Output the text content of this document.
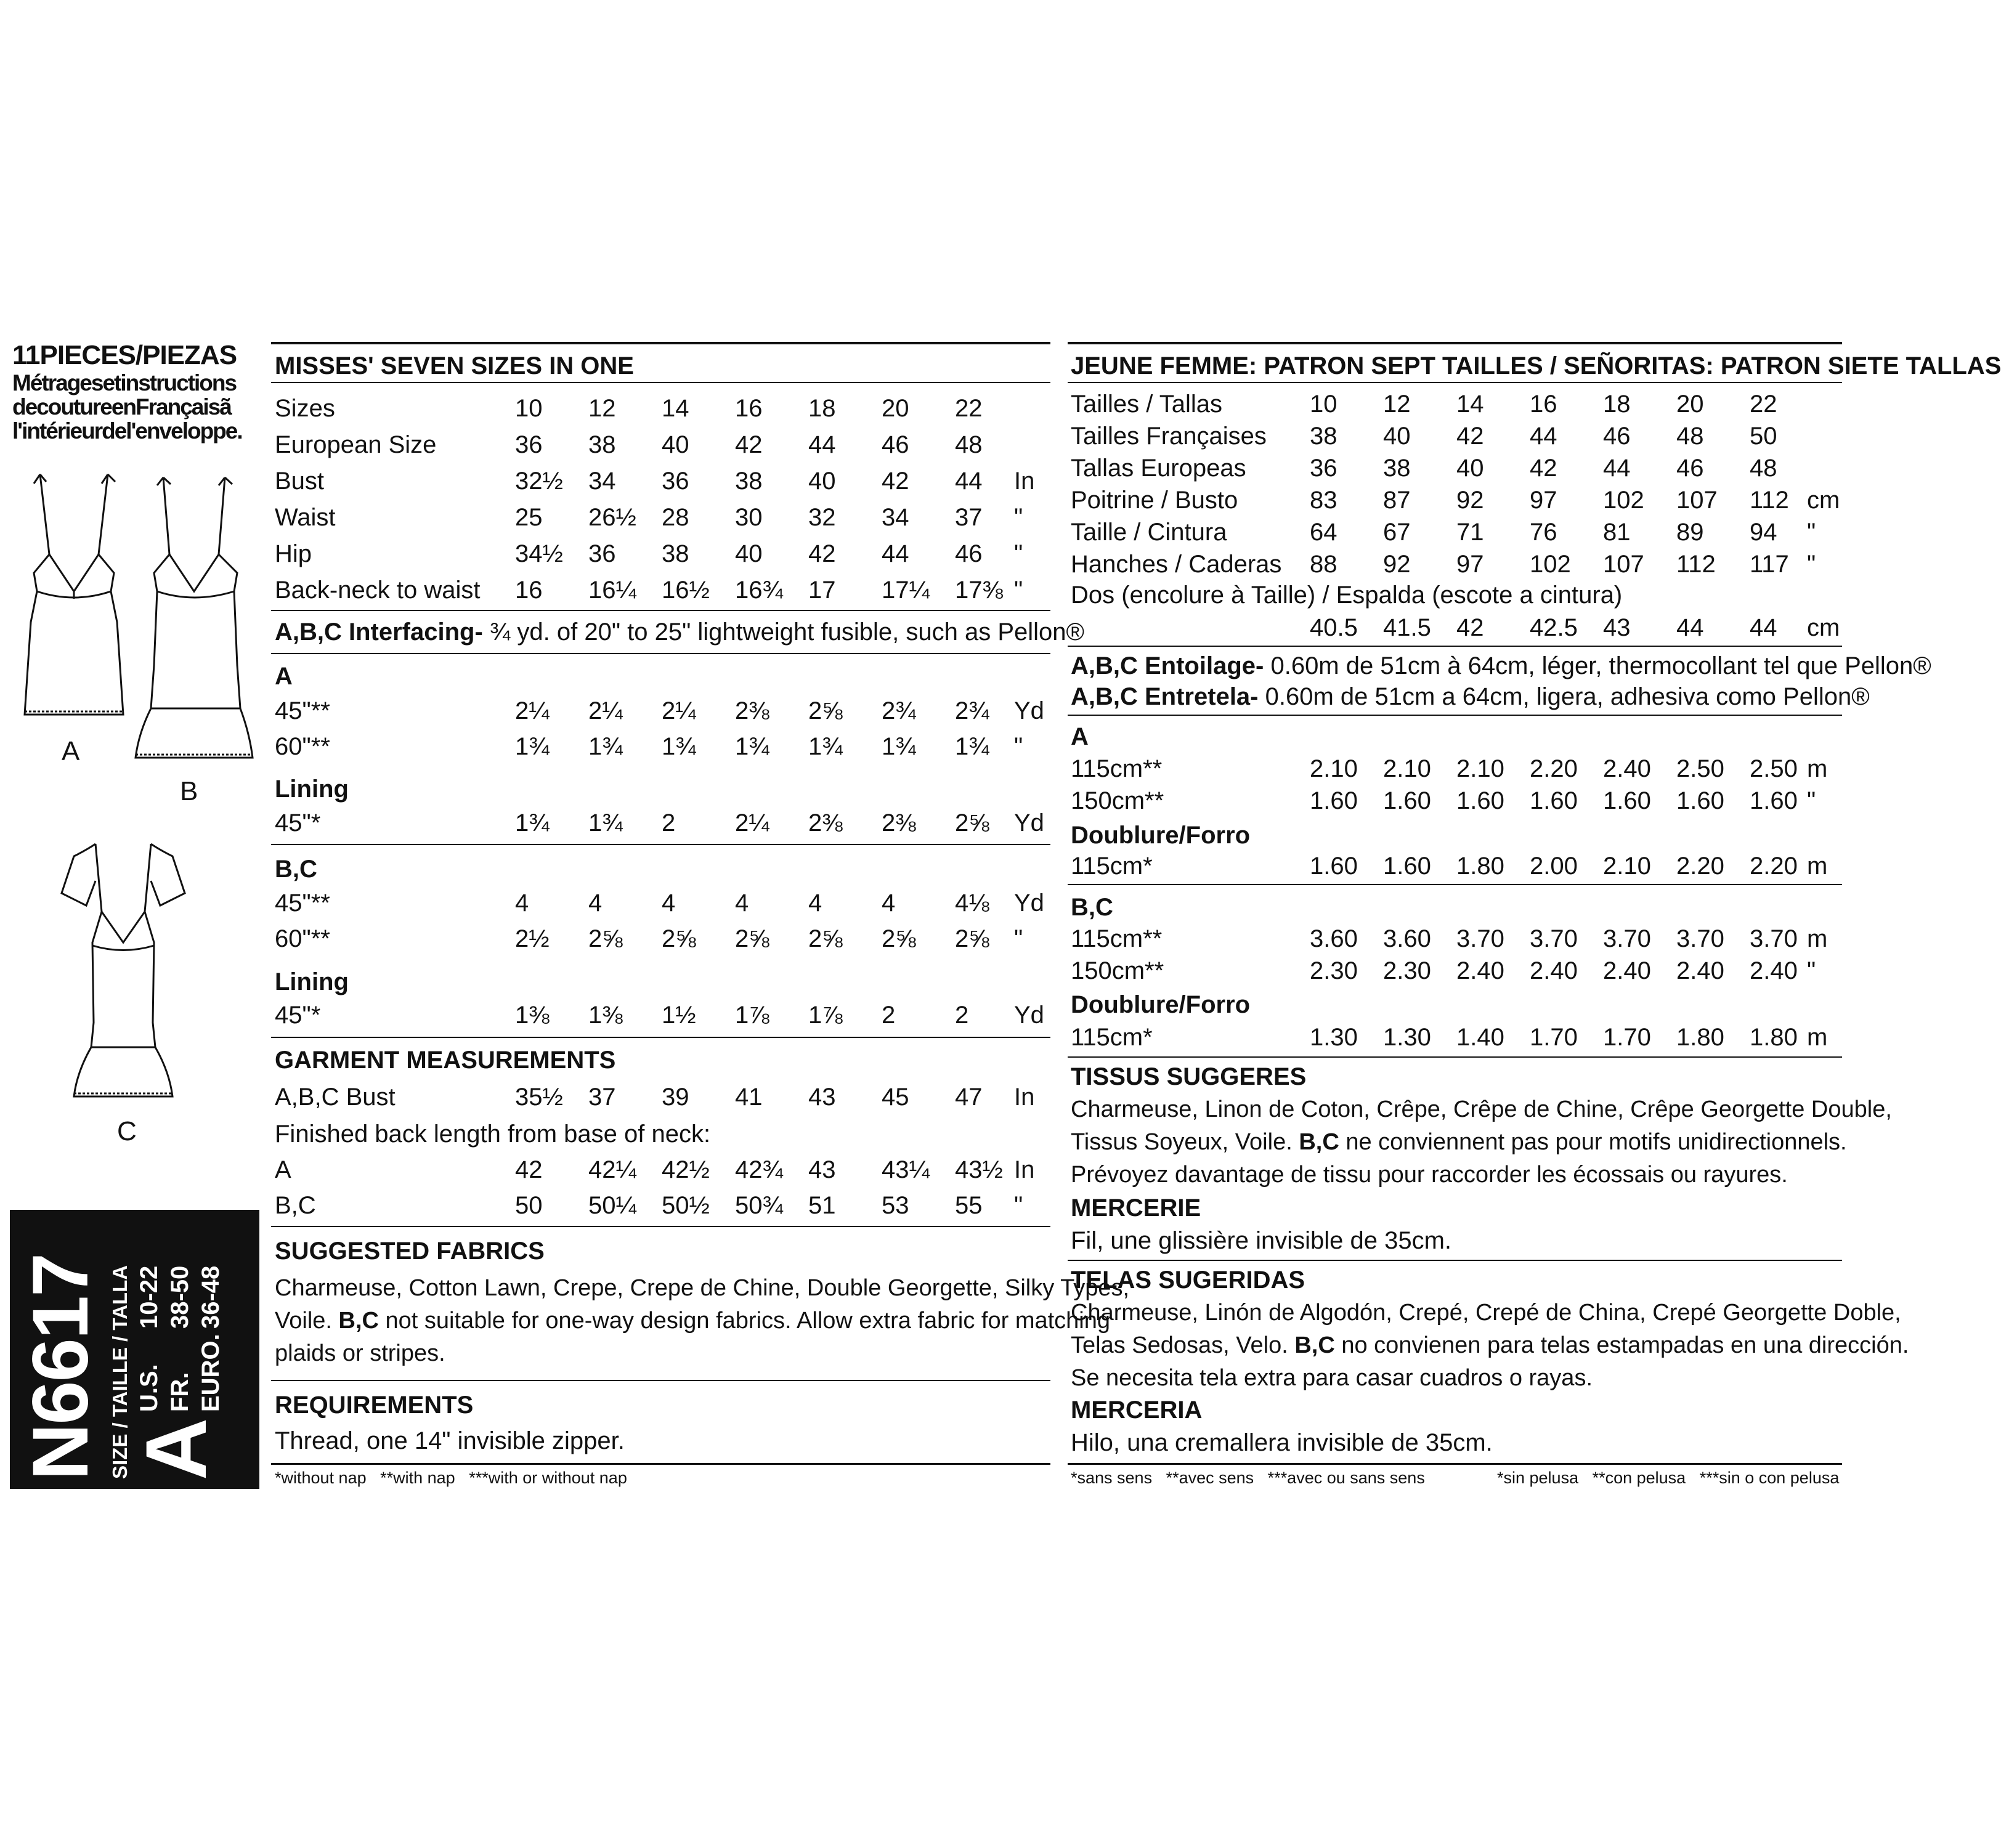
11PIECES/PIEZAS
Métragesetinstructions
decoutureenFrançaisã
l'intérieurdel'enveloppe.
A
B
C
N6617 SIZE / TAILLE / TALLA
A
U.S.
10-22
FR.
38-50
EURO.
36-48
MISSES' SEVEN SIZES IN ONE
Sizes	10 12 14 16 18 20 22
European Size	36 38 40 42 44 46 48
Bust	32½ 34 36 38 40 42 44 In
Waist	25 26½ 28 30 32 34 37 "
Hip	34½ 36 38 40 42 44 46 "
Back-neck to waist 16 16¼ 16½ 16¾ 17 17¼ 17⅜ "
A,B,C Interfacing- ¾ yd. of 20" to 25" lightweight fusible, such as Pellon®
A
45"**	2¼ 2¼ 2¼ 2⅜ 2⅝ 2¾ 2¾ Yd
60"**	1¾ 1¾ 1¾ 1¾ 1¾ 1¾ 1¾ "
Lining
45"*	1¾ 1¾ 2 2¼ 2⅜ 2⅜ 2⅝ Yd
B,C
45"**	4 4 4 4 4 4 4⅛ Yd
60"**	2½ 2⅝ 2⅝ 2⅝ 2⅝ 2⅝ 2⅝ "
Lining
45"*	1⅜ 1⅜ 1½ 1⅞ 1⅞ 2 2 Yd
GARMENT MEASUREMENTS
A,B,C Bust	35½ 37 39 41 43 45 47 In
Finished back length from base of neck:
A	42 42¼ 42½ 42¾ 43 43¼ 43½ In
B,C	50 50¼ 50½ 50¾ 51 53 55 "
SUGGESTED FABRICS
Charmeuse, Cotton Lawn, Crepe, Crepe de Chine, Double Georgette, Silky Types,
Voile. B,C not suitable for one-way design fabrics. Allow extra fabric for matching
plaids or stripes.
REQUIREMENTS
Thread, one 14" invisible zipper.
*without nap   **with nap   ***with or without nap
JEUNE FEMME: PATRON SEPT TAILLES / SEÑORITAS: PATRON SIETE TALLAS
Tailles / Tallas	10 12 14 16 18 20 22
Tailles Françaises 38 40 42 44 46 48 50
Tallas Europeas	36 38 40 42 44 46 48
Poitrine / Busto	83 87 92 97 102 107 112 cm
Taille / Cintura	64 67 71 76 81 89 94 "
Hanches / Caderas 88 92 97 102 107 112 117 "
Dos (encolure à Taille) / Espalda (escote a cintura)
40.5 41.5 42 42.5 43 44 44 cm
A,B,C Entoilage- 0.60m de 51cm à 64cm, léger, thermocollant tel que Pellon®
A,B,C Entretela- 0.60m de 51cm a 64cm, ligera, adhesiva como Pellon®
A
115cm**	2.10 2.10 2.10 2.20 2.40 2.50 2.50 m
150cm**	1.60 1.60 1.60 1.60 1.60 1.60 1.60 "
Doublure/Forro
115cm*	1.60 1.60 1.80 2.00 2.10 2.20 2.20 m
B,C
115cm**	3.60 3.60 3.70 3.70 3.70 3.70 3.70 m
150cm**	2.30 2.30 2.40 2.40 2.40 2.40 2.40 "
Doublure/Forro
115cm*	1.30 1.30 1.40 1.70 1.70 1.80 1.80 m
TISSUS SUGGERES
Charmeuse, Linon de Coton, Crêpe, Crêpe de Chine, Crêpe Georgette Double,
Tissus Soyeux, Voile. B,C ne conviennent pas pour motifs unidirectionnels.
Prévoyez davantage de tissu pour raccorder les écossais ou rayures.
MERCERIE
Fil, une glissière invisible de 35cm.
TELAS SUGERIDAS
Charmeuse, Linón de Algodón, Crepé, Crepé de China, Crepé Georgette Doble,
Telas Sedosas, Velo. B,C no convienen para telas estampadas en una dirección.
Se necesita tela extra para casar cuadros o rayas.
MERCERIA
Hilo, una cremallera invisible de 35cm.
*sans sens   **avec sens   ***avec ou sans sens	*sin pelusa   **con pelusa   ***sin o con pelusa
